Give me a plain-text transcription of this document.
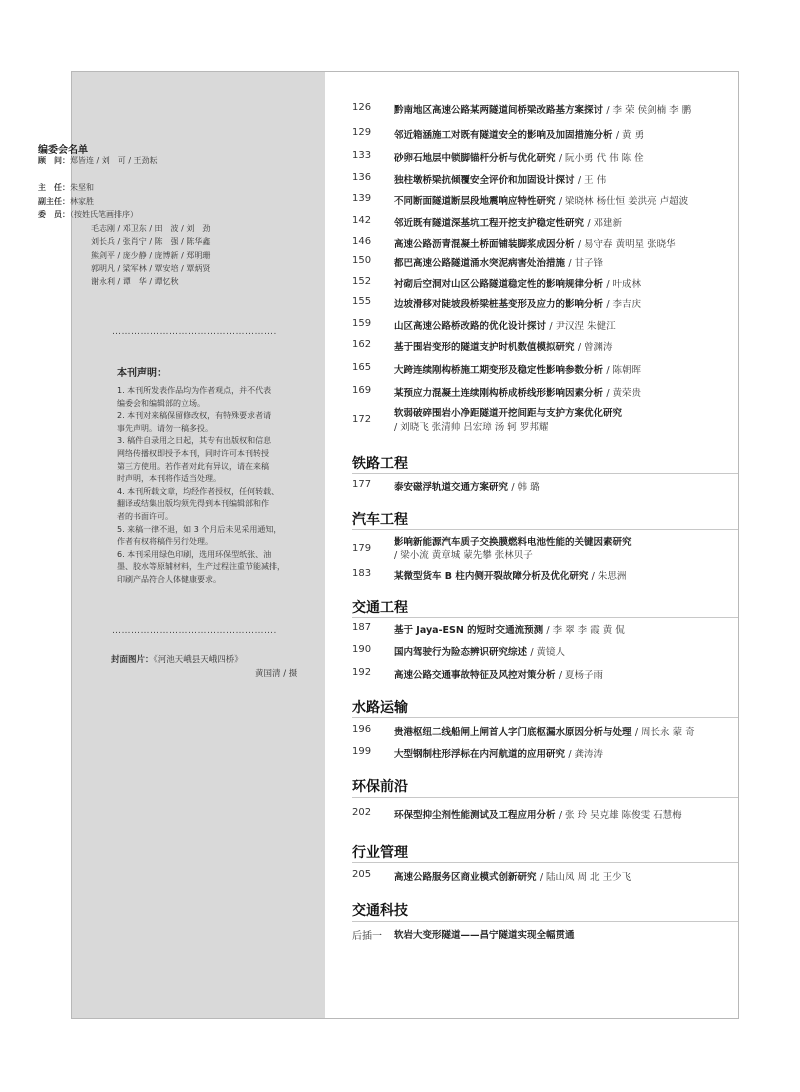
编委会名单
顾　问：郑皆连 / 刘　可 / 王劲耘
主　任：朱坚和
副主任：林家胜
委　员：（按姓氏笔画排序）
毛志刚 / 邓卫东 / 田　波 / 刘　劲
刘长兵 / 张肖宁 / 陈　强 / 陈华鑫
熊剑平 / 庞少静 / 庞博新 / 郑明珊
郭明凡 / 梁军林 / 覃安培 / 覃炳贤
谢永利 / 谭　华 / 谭忆秋
…………………………………………….
本刊声明：
1. 本刊所发表作品均为作者观点，并不代表
编委会和编辑部的立场。
2. 本刊对来稿保留修改权，有特殊要求者请
事先声明。请勿一稿多投。
3. 稿件自录用之日起，其专有出版权和信息
网络传播权即授予本刊，同时许可本刊转授
第三方使用。若作者对此有异议，请在来稿
时声明，本刊将作适当处理。
4. 本刊所载文章，均经作者授权，任何转载、
翻译或结集出版均须先得到本刊编辑部和作
者的书面许可。
5. 来稿一律不退，如 3 个月后未见采用通知，
作者有权将稿件另行处理。
6. 本刊采用绿色印刷，选用环保型纸张、油
墨、胶水等原辅材料，生产过程注重节能减排，
印刷产品符合人体健康要求。
…………………………………………….
封面图片：《河池天峨县天峨四桥》
黄国清 / 摄
126	黔南地区高速公路某两隧道间桥梁改路基方案探讨 / 李 荣 侯剑楠 李 鹏
129	邻近箱涵施工对既有隧道安全的影响及加固措施分析 / 黄 勇
133	砂卵石地层中锁脚锚杆分析与优化研究 / 阮小勇 代 伟 陈 佺
136	独柱墩桥梁抗倾覆安全评价和加固设计探讨 / 王 伟
139	不同断面隧道断层段地震响应特性研究 / 梁晓林 杨仕恒 姜洪亮 卢超波
142	邻近既有隧道深基坑工程开挖支护稳定性研究 / 邓建新
146	高速公路沥青混凝土桥面铺装脚浆成因分析 / 易守春 黄明星 张晓华
150	都巴高速公路隧道涌水突泥病害处治措施 / 甘子锋
152	衬砌后空洞对山区公路隧道稳定性的影响规律分析 / 叶成林
155	边坡滑移对陡坡段桥梁桩基变形及应力的影响分析 / 李吉庆
159	山区高速公路桥改路的优化设计探讨 / 尹汉涅 朱健江
162	基于围岩变形的隧道支护时机数值模拟研究 / 曾渊涛
165	大跨连续刚构桥施工期变形及稳定性影响参数分析 / 陈朝晖
169	某预应力混凝土连续刚构桥成桥线形影响因素分析 / 黄荣贵
172
软弱破碎围岩小净距隧道开挖间距与支护方案优化研究
/ 刘晓飞 张清帅 吕宏璋 汤 轲 罗邦耀
铁路工程
177	泰安磁浮轨道交通方案研究 / 韩 璐
汽车工程
179
影响新能源汽车质子交换膜燃料电池性能的关键因素研究
/ 梁小流 黄章城 蒙先攀 张林贝子
183	某微型货车 B 柱内侧开裂故障分析及优化研究 / 朱思洲
交通工程
187	基于 Jaya-ESN 的短时交通流预测 / 李 翠 李 霞 黄 侃
190	国内驾驶行为险态辨识研究综述 / 黄镜人
192	高速公路交通事故特征及风控对策分析 / 夏杨子雨
水路运输
196	贵港枢纽二线船闸上闸首人字门底枢漏水原因分析与处理 / 周长永 蒙 奇
199	大型钢制柱形浮标在内河航道的应用研究 / 龚涛涛
环保前沿
202	环保型抑尘剂性能测试及工程应用分析 / 张 玲 吴克雄 陈俊雯 石慧梅
行业管理
205	高速公路服务区商业模式创新研究 / 陆山凤 周 北 王少飞
交通科技
后插一	软岩大变形隧道——昌宁隧道实现全幅贯通
